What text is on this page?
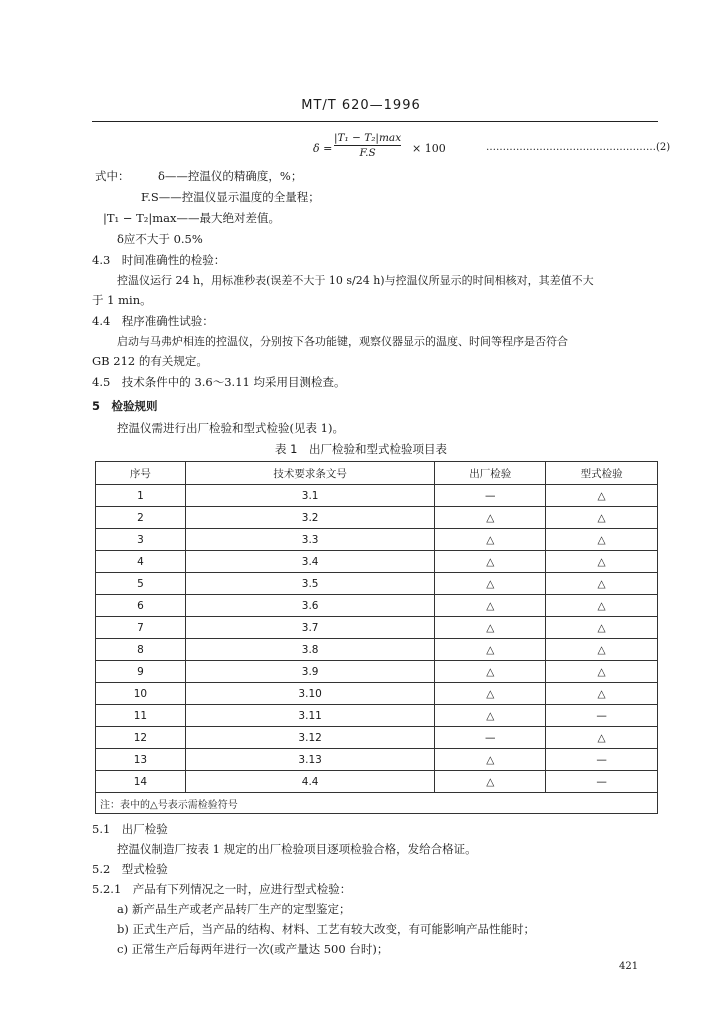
MT/T 620—1996
δ =
|T₁ − T₂|max
F.S	× 100	……………………………………………(2)
式中： δ——控温仪的精确度，%；
F.S——控温仪显示温度的全量程；
|T₁ − T₂|max——最大绝对差值。
δ应不大于 0.5%
4.3　时间准确性的检验：
控温仪运行 24 h，用标准秒表(误差不大于 10 s/24 h)与控温仪所显示的时间相核对，其差值不大
于 1 min。
4.4　程序准确性试验：
启动与马弗炉相连的控温仪，分别按下各功能键，观察仪器显示的温度、时间等程序是否符合
GB 212 的有关规定。
4.5　技术条件中的 3.6～3.11 均采用目测检查。
5　检验规则
控温仪需进行出厂检验和型式检验(见表 1)。
表 1　出厂检验和型式检验项目表
序号	技术要求条文号	出厂检验	型式检验
1	3.1	—	△
2	3.2	△	△
3	3.3	△	△
4	3.4	△	△
5	3.5	△	△
6	3.6	△	△
7	3.7	△	△
8	3.8	△	△
9	3.9	△	△
10	3.10	△	△
11	3.11	△	—
12	3.12	—	△
13	3.13	△	—
14	4.4	△	—
注：表中的△号表示需检验符号			
5.1　出厂检验
控温仪制造厂按表 1 规定的出厂检验项目逐项检验合格，发给合格证。
5.2　型式检验
5.2.1　产品有下列情况之一时，应进行型式检验：
a) 新产品生产或老产品转厂生产的定型鉴定；
b) 正式生产后，当产品的结构、材料、工艺有较大改变，有可能影响产品性能时；
c) 正常生产后每两年进行一次(或产量达 500 台时)；
421
